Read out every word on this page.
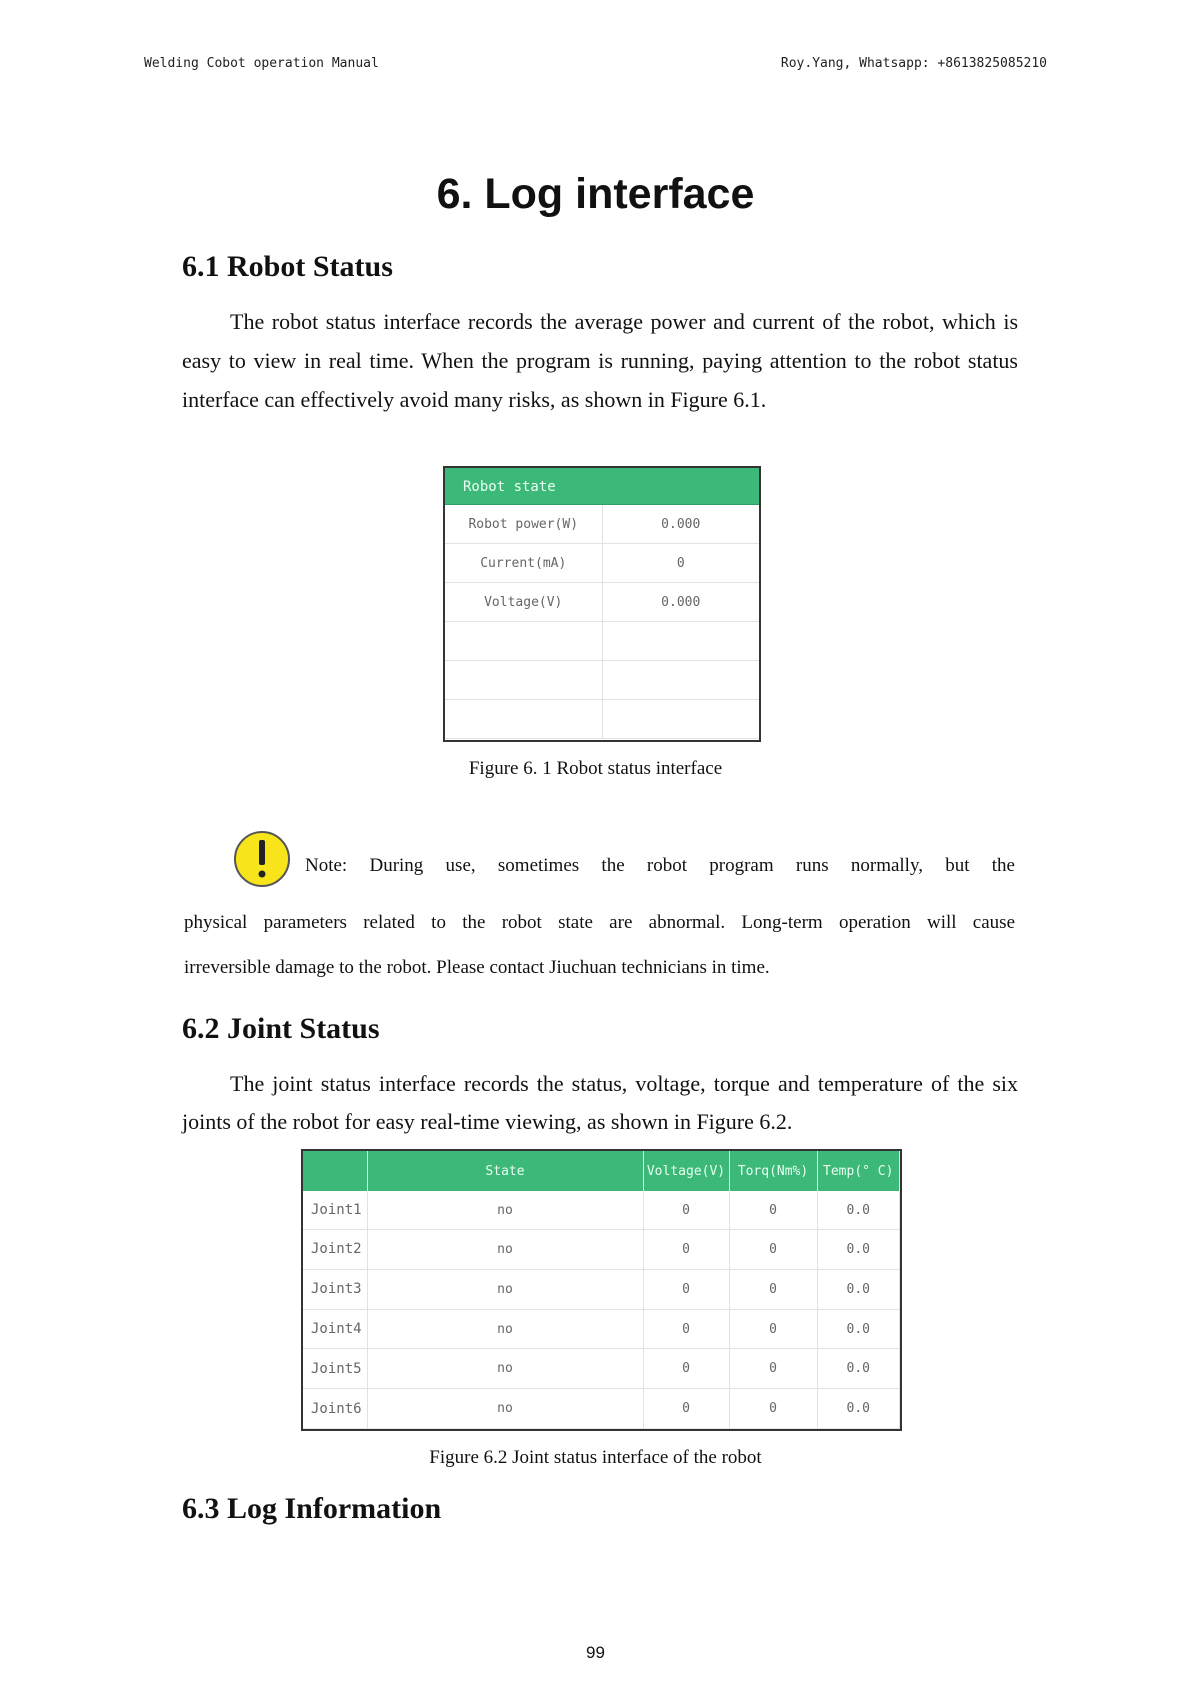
Welding Cobot operation Manual	Roy.Yang, Whatsapp: +8613825085210
6. Log interface
6.1 Robot Status

The robot status interface records the average power and current of the robot, which is easy to view in real time. When the program is running, paying attention to the robot status interface can effectively avoid many risks, as shown in Figure 6.1.

Robot state
Robot power(W)	0.000
Current(mA)	0
Voltage(V)	0.000

Figure 6. 1 Robot status interface
Note: During use, sometimes the robot program runs normally, but the
physical parameters related to the robot state are abnormal. Long-term operation will cause
irreversible damage to the robot. Please contact Jiuchuan technicians in time.
6.2 Joint Status

The joint status interface records the status, voltage, torque and temperature of the six joints of the robot for easy real-time viewing, as shown in Figure 6.2.

	State	Voltage(V)	Torq(Nm%)	Temp(° C)
Joint1	no	0	0	0.0
Joint2	no	0	0	0.0
Joint3	no	0	0	0.0
Joint4	no	0	0	0.0
Joint5	no	0	0	0.0
Joint6	no	0	0	0.0
Figure 6.2 Joint status interface of the robot
6.3 Log Information
99
